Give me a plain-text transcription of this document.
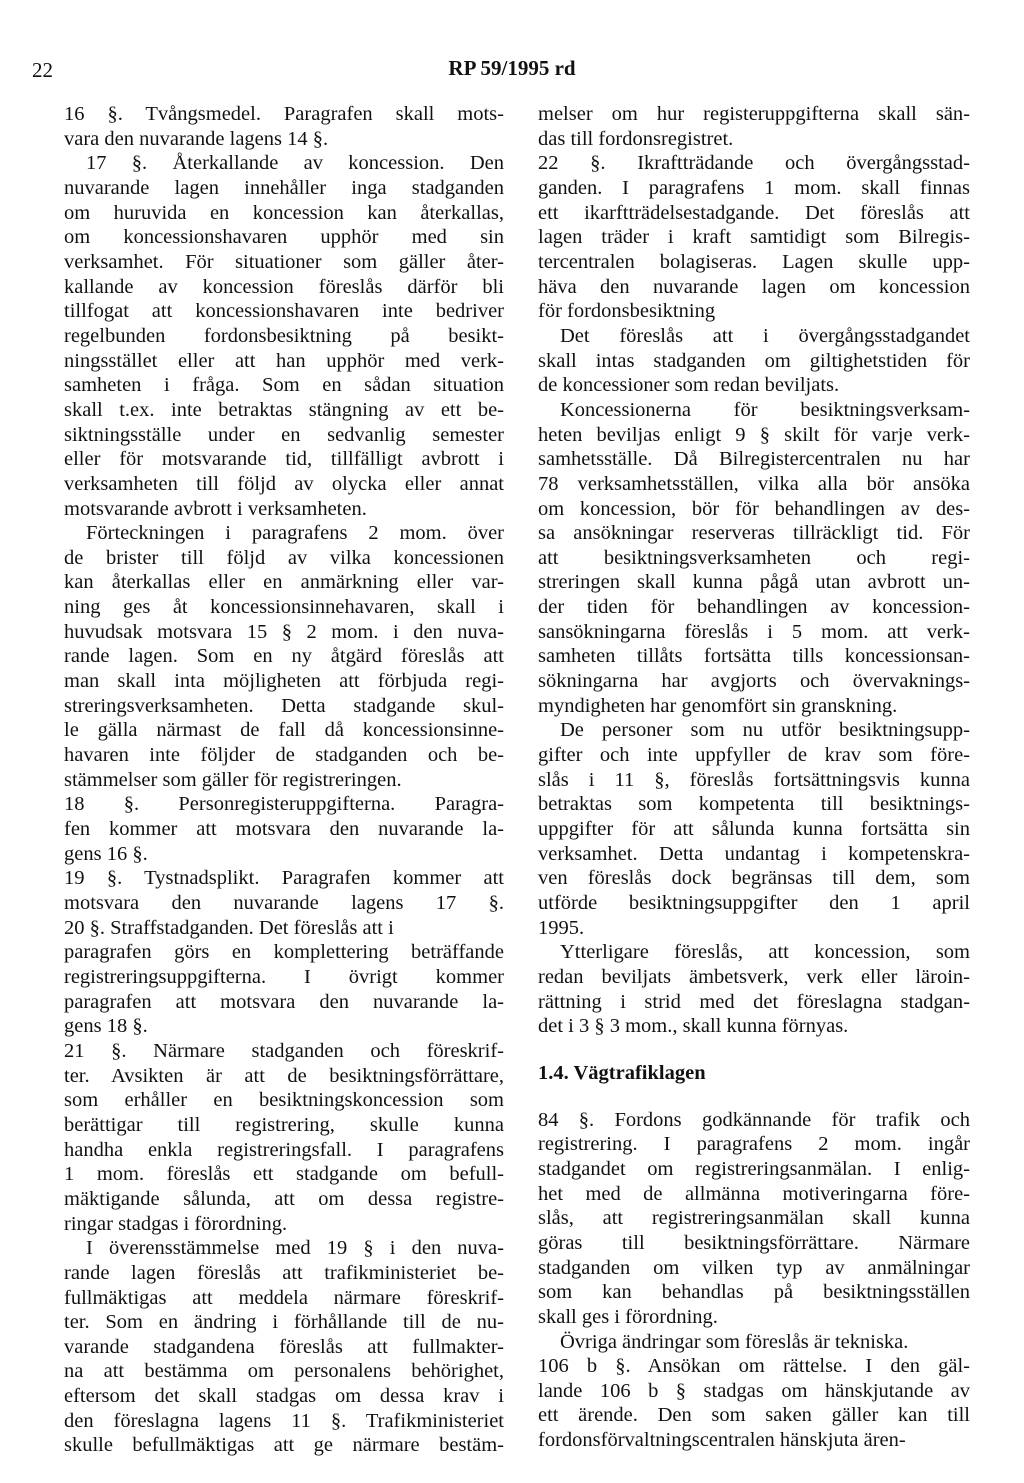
22	RP 59/1995 rd
16 §. Tvångsmedel. Paragrafen skall mots-
vara den nuvarande lagens 14 §.
17 §. Återkallande av koncession. Den
nuvarande lagen innehåller inga stadganden
om huruvida en koncession kan återkallas,
om koncessionshavaren upphör med sin
verksamhet. För situationer som gäller åter-
kallande av koncession föreslås därför bli
tillfogat att koncessionshavaren inte bedriver
regelbunden fordonsbesiktning på besikt-
ningsstället eller att han upphör med verk-
samheten i fråga. Som en sådan situation
skall t.ex. inte betraktas stängning av ett be-
siktningsställe under en sedvanlig semester
eller för motsvarande tid, tillfälligt avbrott i
verksamheten till följd av olycka eller annat
motsvarande avbrott i verksamheten.
Förteckningen i paragrafens 2 mom. över
de brister till följd av vilka koncessionen
kan återkallas eller en anmärkning eller var-
ning ges åt koncessionsinnehavaren, skall i
huvudsak motsvara 15 § 2 mom. i den nuva-
rande lagen. Som en ny åtgärd föreslås att
man skall inta möjligheten att förbjuda regi-
streringsverksamheten. Detta stadgande skul-
le gälla närmast de fall då koncessionsinne-
havaren inte följder de stadganden och be-
stämmelser som gäller för registreringen.
18 §. Personregisteruppgifterna. Paragra-
fen kommer att motsvara den nuvarande la-
gens 16 §.
19 §. Tystnadsplikt. Paragrafen kommer att
motsvara den nuvarande lagens 17 §.
20 §. Straffstadganden. Det föreslås att i
paragrafen görs en komplettering beträffande
registreringsuppgifterna. I övrigt kommer
paragrafen att motsvara den nuvarande la-
gens 18 §.
21 §. Närmare stadganden och föreskrif-
ter. Avsikten är att de besiktningsförrättare,
som erhåller en besiktningskoncession som
berättigar till registrering, skulle kunna
handha enkla registreringsfall. I paragrafens
1 mom. föreslås ett stadgande om befull-
mäktigande sålunda, att om dessa registre-
ringar stadgas i förordning.
I överensstämmelse med 19 § i den nuva-
rande lagen föreslås att trafikministeriet be-
fullmäktigas att meddela närmare föreskrif-
ter. Som en ändring i förhållande till de nu-
varande stadgandena föreslås att fullmakter-
na att bestämma om personalens behörighet,
eftersom det skall stadgas om dessa krav i
den föreslagna lagens 11 §. Trafikministeriet
skulle befullmäktigas att ge närmare bestäm-
melser om hur registeruppgifterna skall sän-
das till fordonsregistret.
22 §. Ikraftträdande och övergångsstad-
ganden. I paragrafens 1 mom. skall finnas
ett ikarftträdelsestadgande. Det föreslås att
lagen träder i kraft samtidigt som Bilregis-
tercentralen bolagiseras. Lagen skulle upp-
häva den nuvarande lagen om koncession
för fordonsbesiktning
Det föreslås att i övergångsstadgandet
skall intas stadganden om giltighetstiden för
de koncessioner som redan beviljats.
Koncessionerna för besiktningsverksam-
heten beviljas enligt 9 § skilt för varje verk-
samhetsställe. Då Bilregistercentralen nu har
78 verksamhetsställen, vilka alla bör ansöka
om koncession, bör för behandlingen av des-
sa ansökningar reserveras tillräckligt tid. För
att besiktningsverksamheten och regi-
streringen skall kunna pågå utan avbrott un-
der tiden för behandlingen av koncession-
sansökningarna föreslås i 5 mom. att verk-
samheten tillåts fortsätta tills koncessionsan-
sökningarna har avgjorts och övervaknings-
myndigheten har genomfört sin granskning.
De personer som nu utför besiktningsupp-
gifter och inte uppfyller de krav som före-
slås i 11 §, föreslås fortsättningsvis kunna
betraktas som kompetenta till besiktnings-
uppgifter för att sålunda kunna fortsätta sin
verksamhet. Detta undantag i kompetenskra-
ven föreslås dock begränsas till dem, som
utförde besiktningsuppgifter den 1 april
1995.
Ytterligare föreslås, att koncession, som
redan beviljats ämbetsverk, verk eller läroin-
rättning i strid med det föreslagna stadgan-
det i 3 § 3 mom., skall kunna förnyas.
1.4. Vägtrafiklagen
84 §. Fordons godkännande för trafik och
registrering. I paragrafens 2 mom. ingår
stadgandet om registreringsanmälan. I enlig-
het med de allmänna motiveringarna före-
slås, att registreringsanmälan skall kunna
göras till besiktningsförrättare. Närmare
stadganden om vilken typ av anmälningar
som kan behandlas på besiktningsställen
skall ges i förordning.
Övriga ändringar som föreslås är tekniska.
106 b §. Ansökan om rättelse. I den gäl-
lande 106 b § stadgas om hänskjutande av
ett ärende. Den som saken gäller kan till
fordonsförvaltningscentralen hänskjuta ären-
